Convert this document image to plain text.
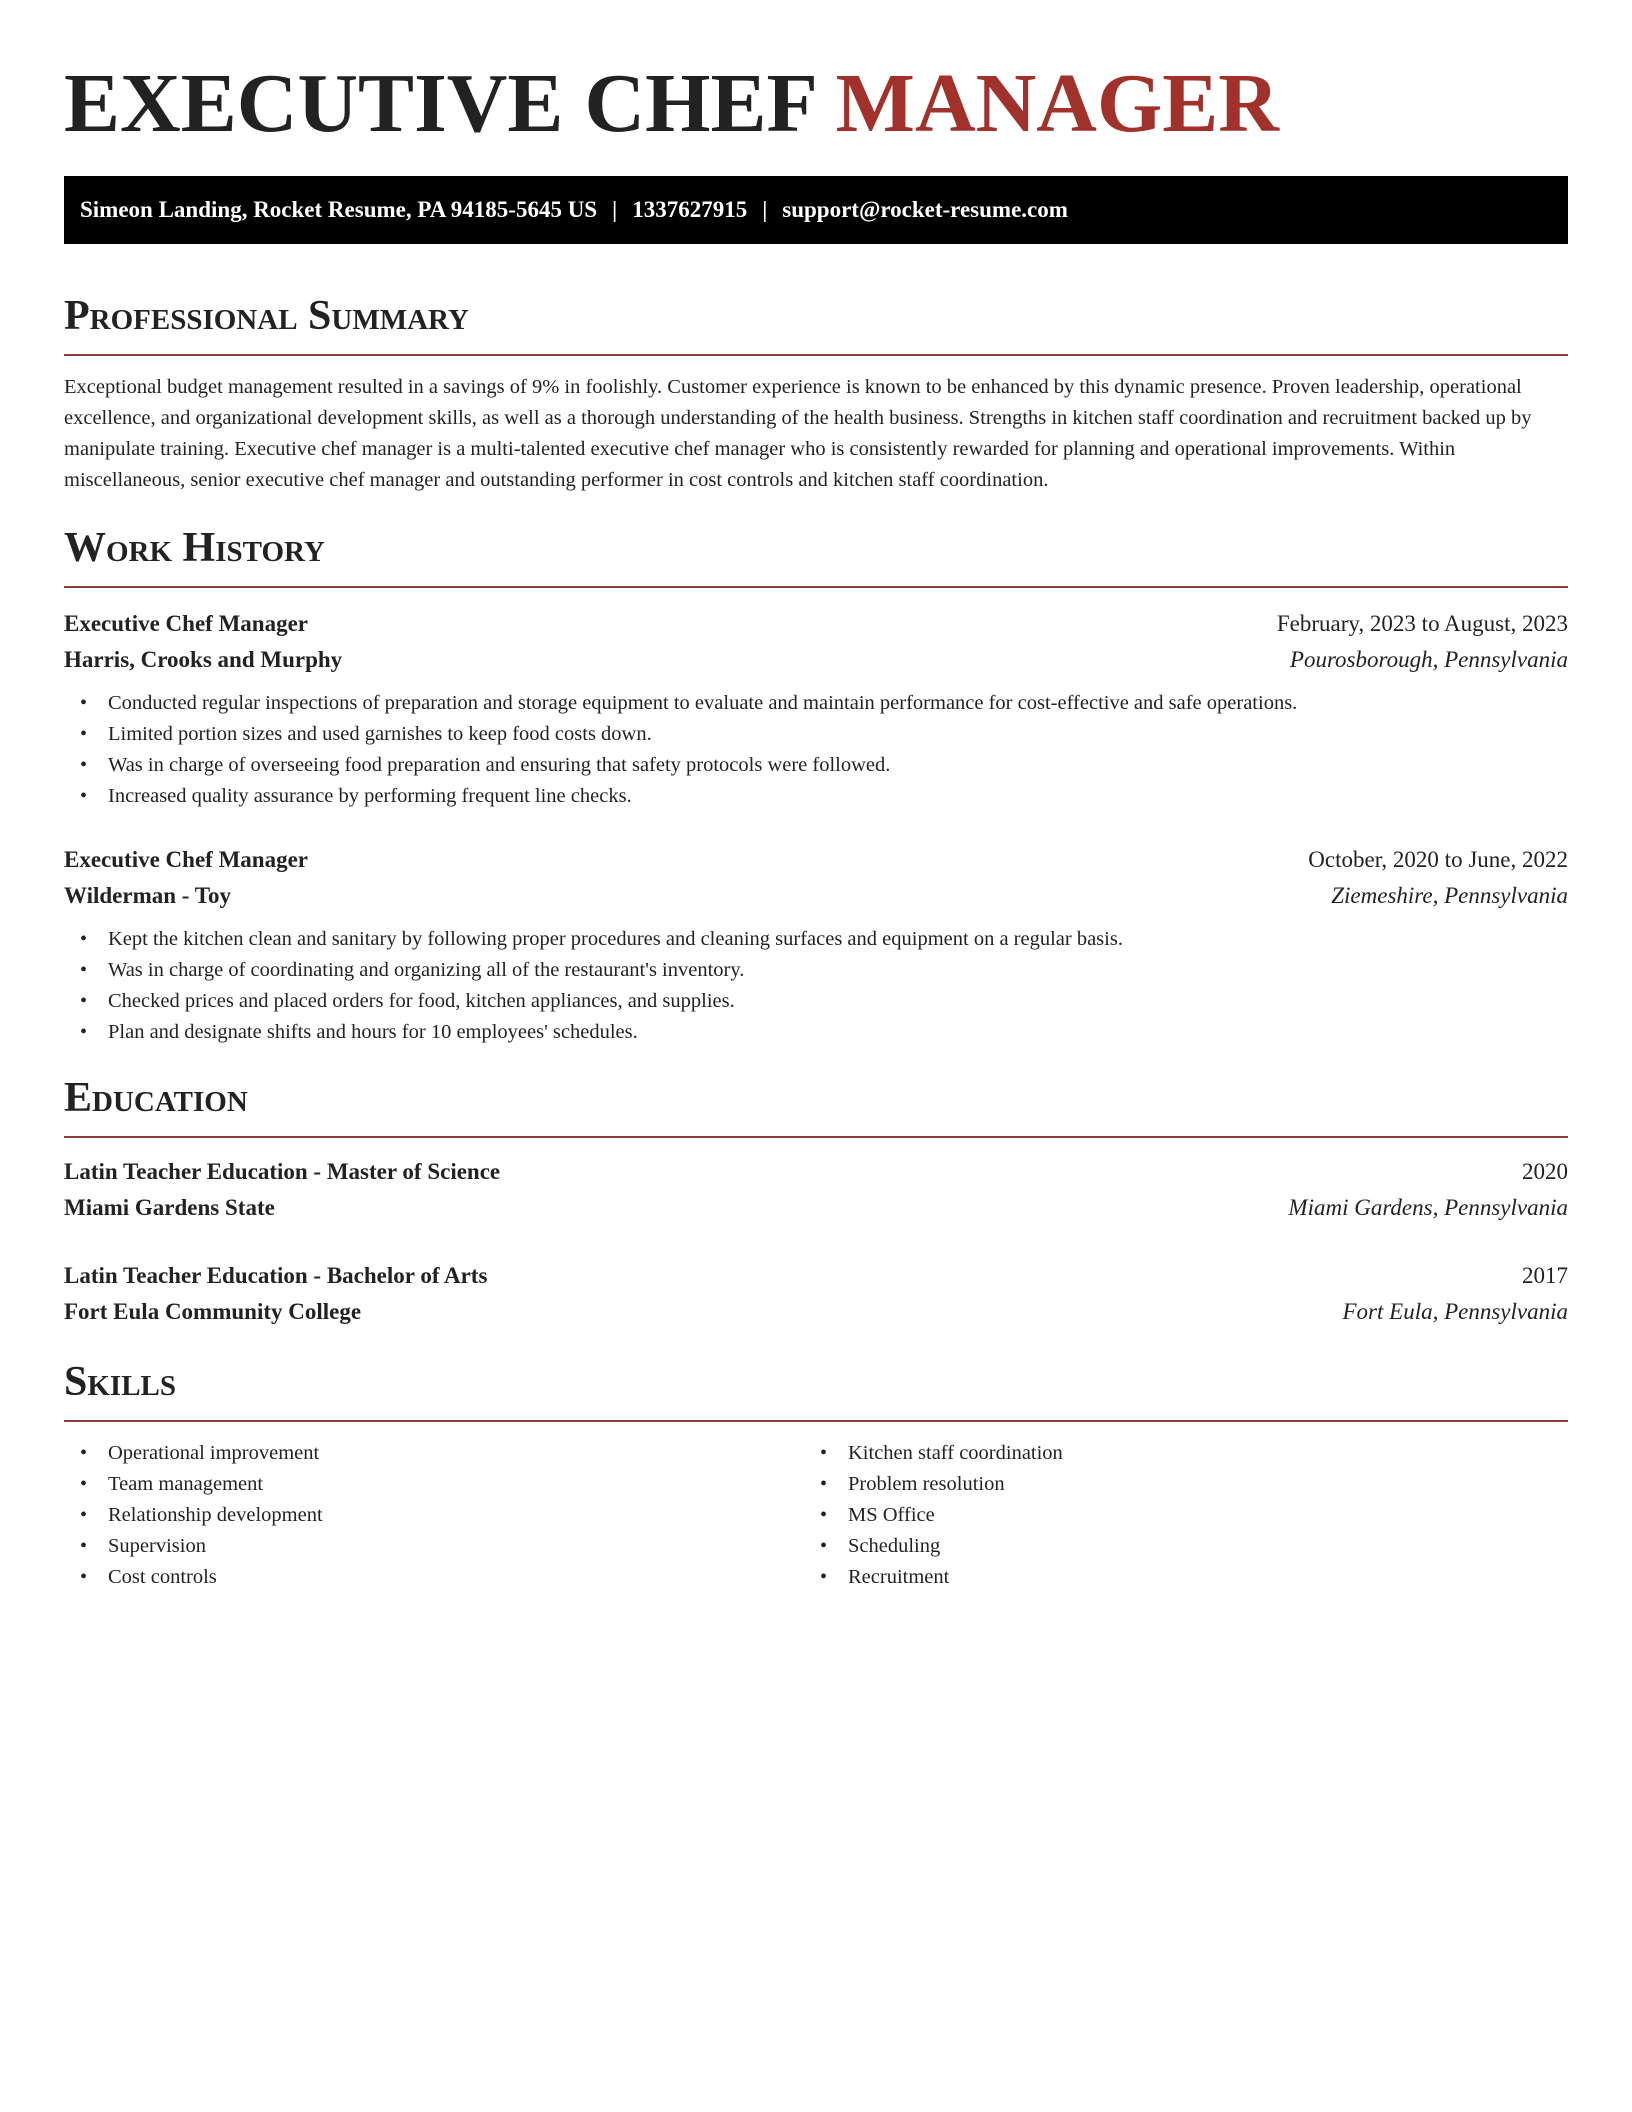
EXECUTIVE CHEF MANAGER
Simeon Landing, Rocket Resume, PA 94185-5645 US | 1337627915 | support@rocket-resume.com
Professional Summary

Exceptional budget management resulted in a savings of 9% in foolishly. Customer experience is known to be enhanced by this dynamic presence. Proven leadership, operational excellence, and organizational development skills, as well as a thorough understanding of the health business. Strengths in kitchen staff coordination and recruitment backed up by manipulate training. Executive chef manager is a multi-talented executive chef manager who is consistently rewarded for planning and operational improvements. Within miscellaneous, senior executive chef manager and outstanding performer in cost controls and kitchen staff coordination.

Work History
Executive Chef Manager	February, 2023 to August, 2023
Harris, Crooks and Murphy	Pourosborough, Pennsylvania
• Conducted regular inspections of preparation and storage equipment to evaluate and maintain performance for cost-effective and safe operations.
• Limited portion sizes and used garnishes to keep food costs down.
• Was in charge of overseeing food preparation and ensuring that safety protocols were followed.
• Increased quality assurance by performing frequent line checks.
Executive Chef Manager	October, 2020 to June, 2022
Wilderman - Toy	Ziemeshire, Pennsylvania
• Kept the kitchen clean and sanitary by following proper procedures and cleaning surfaces and equipment on a regular basis.
• Was in charge of coordinating and organizing all of the restaurant's inventory.
• Checked prices and placed orders for food, kitchen appliances, and supplies.
• Plan and designate shifts and hours for 10 employees' schedules.
Education
Latin Teacher Education - Master of Science	2020
Miami Gardens State	Miami Gardens, Pennsylvania
Latin Teacher Education - Bachelor of Arts	2017
Fort Eula Community College	Fort Eula, Pennsylvania
Skills
• Operational improvement
• Team management
• Relationship development
• Supervision
• Cost controls
• Kitchen staff coordination
• Problem resolution
• MS Office
• Scheduling
• Recruitment
